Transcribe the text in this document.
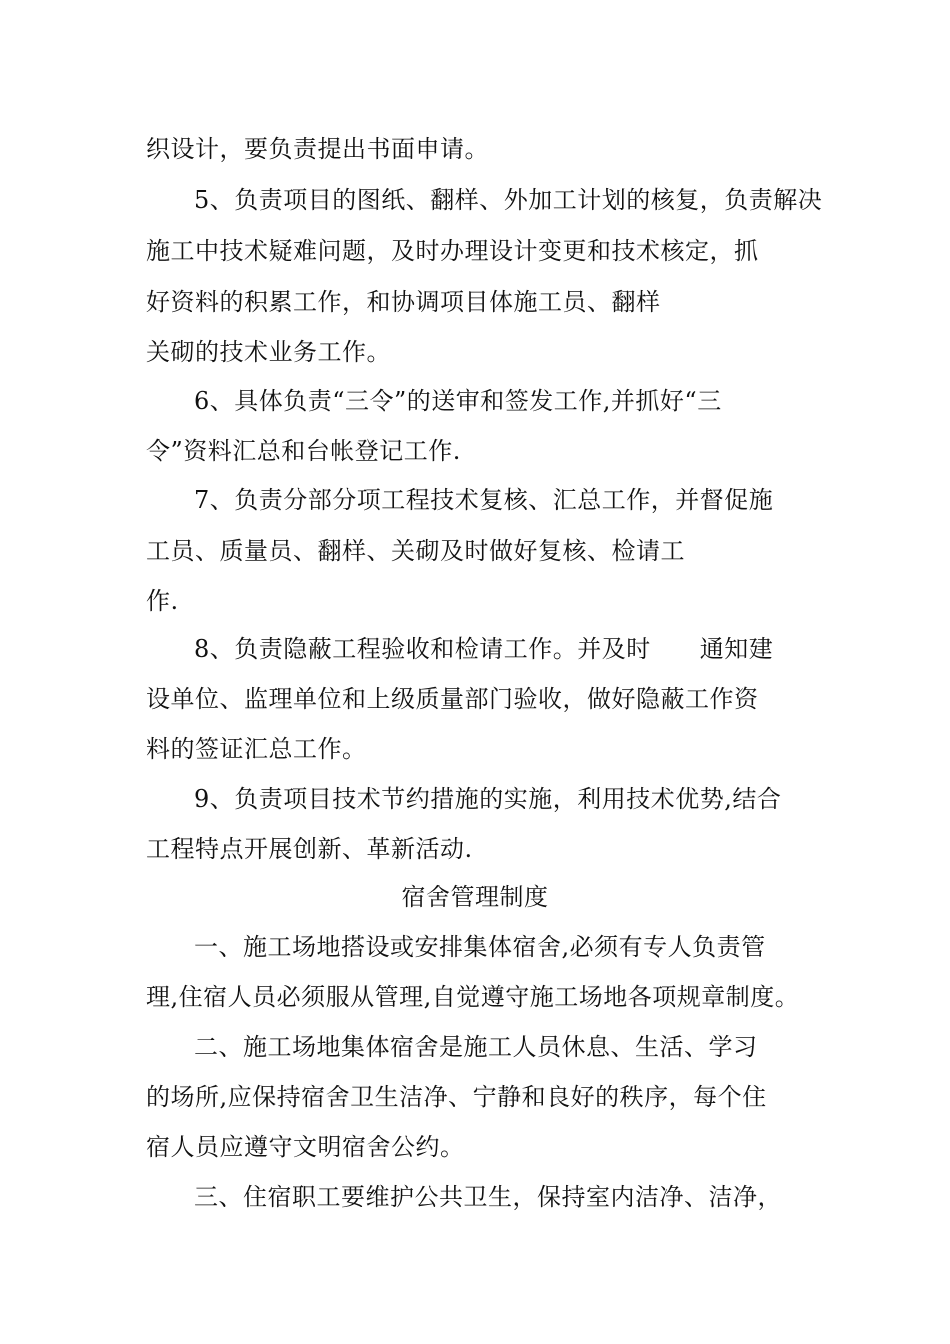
织设计，要负责提出书面申请。
5、负责项目的图纸、翻样、外加工计划的核复，负责解决
施工中技术疑难问题，及时办理设计变更和技术核定，抓
好资料的积累工作，和协调项目体施工员、翻样
关砌的技术业务工作。
6、具体负责“三令”的送审和签发工作,并抓好“三
令”资料汇总和台帐登记工作.
7、负责分部分项工程技术复核、汇总工作，并督促施
工员、质量员、翻样、关砌及时做好复核、检请工
作.
8、负责隐蔽工程验收和检请工作。并及时　　通知建
设单位、监理单位和上级质量部门验收，做好隐蔽工作资
料的签证汇总工作。
9、负责项目技术节约措施的实施，利用技术优势,结合
工程特点开展创新、革新活动.
宿舍管理制度
一、施工场地搭设或安排集体宿舍,必须有专人负责管
理,住宿人员必须服从管理,自觉遵守施工场地各项规章制度。
二、施工场地集体宿舍是施工人员休息、生活、学习
的场所,应保持宿舍卫生洁净、宁静和良好的秩序，每个住
宿人员应遵守文明宿舍公约。
三、住宿职工要维护公共卫生，保持室内洁净、洁净，
